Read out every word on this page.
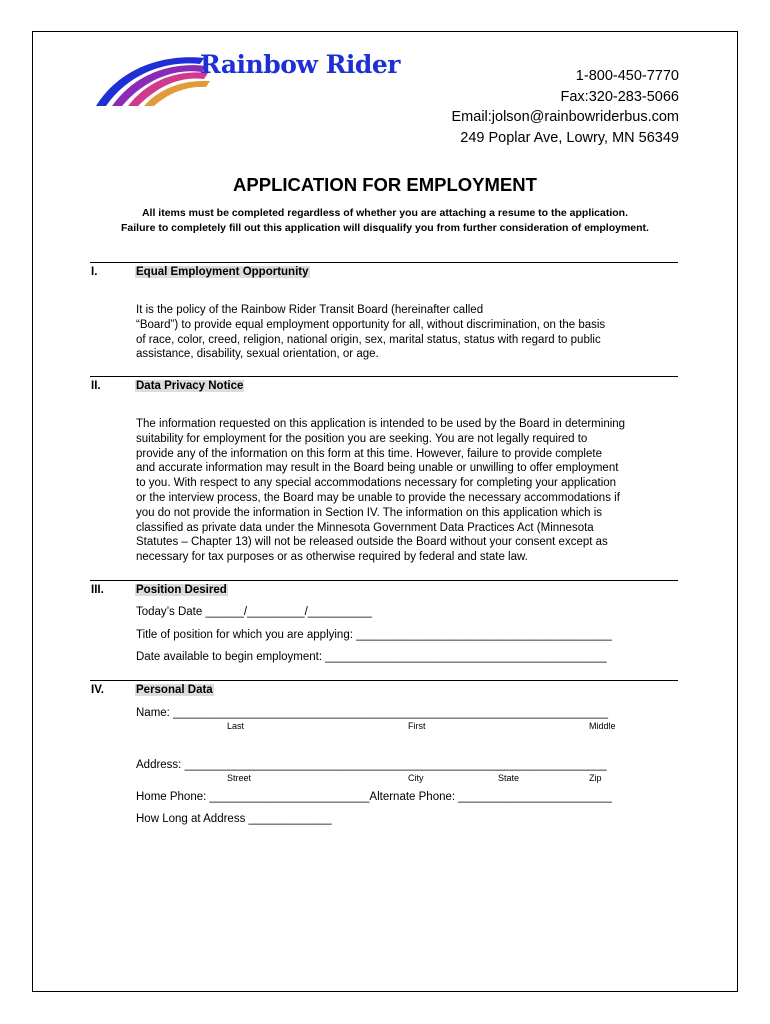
Rainbow Rider	1-800-450-7770
Fax:320-283-5066
Email:jolson@rainbowriderbus.com
249 Poplar Ave, Lowry, MN 56349
APPLICATION FOR EMPLOYMENT
All items must be completed regardless of whether you are attaching a resume to the application.
Failure to completely fill out this application will disqualify you from further consideration of employment.
I.	Equal Employment Opportunity
It is the policy of the Rainbow Rider Transit Board (hereinafter called
“Board”) to provide equal employment opportunity for all, without discrimination, on the basis
of race, color, creed, religion, national origin, sex, marital status, status with regard to public
assistance, disability, sexual orientation, or age.
II.	Data Privacy Notice
The information requested on this application is intended to be used by the Board in determining
suitability for employment for the position you are seeking. You are not legally required to
provide any of the information on this form at this time. However, failure to provide complete
and accurate information may result in the Board being unable or unwilling to offer employment
to you. With respect to any special accommodations necessary for completing your application
or the interview process, the Board may be unable to provide the necessary accommodations if
you do not provide the information in Section IV. The information on this application which is
classified as private data under the Minnesota Government Data Practices Act (Minnesota
Statutes – Chapter 13) will not be released outside the Board without your consent except as
necessary for tax purposes or as otherwise required by federal and state law.
III.	Position Desired
Today’s Date ______/_________/__________
Title of position for which you are applying: ________________________________________
Date available to begin employment: ____________________________________________
IV.	Personal Data
Name: ____________________________________________________________________
Last	First	Middle
Address: __________________________________________________________________
Street	City	State	Zip
Home Phone: _________________________Alternate Phone: ________________________
How Long at Address _____________
